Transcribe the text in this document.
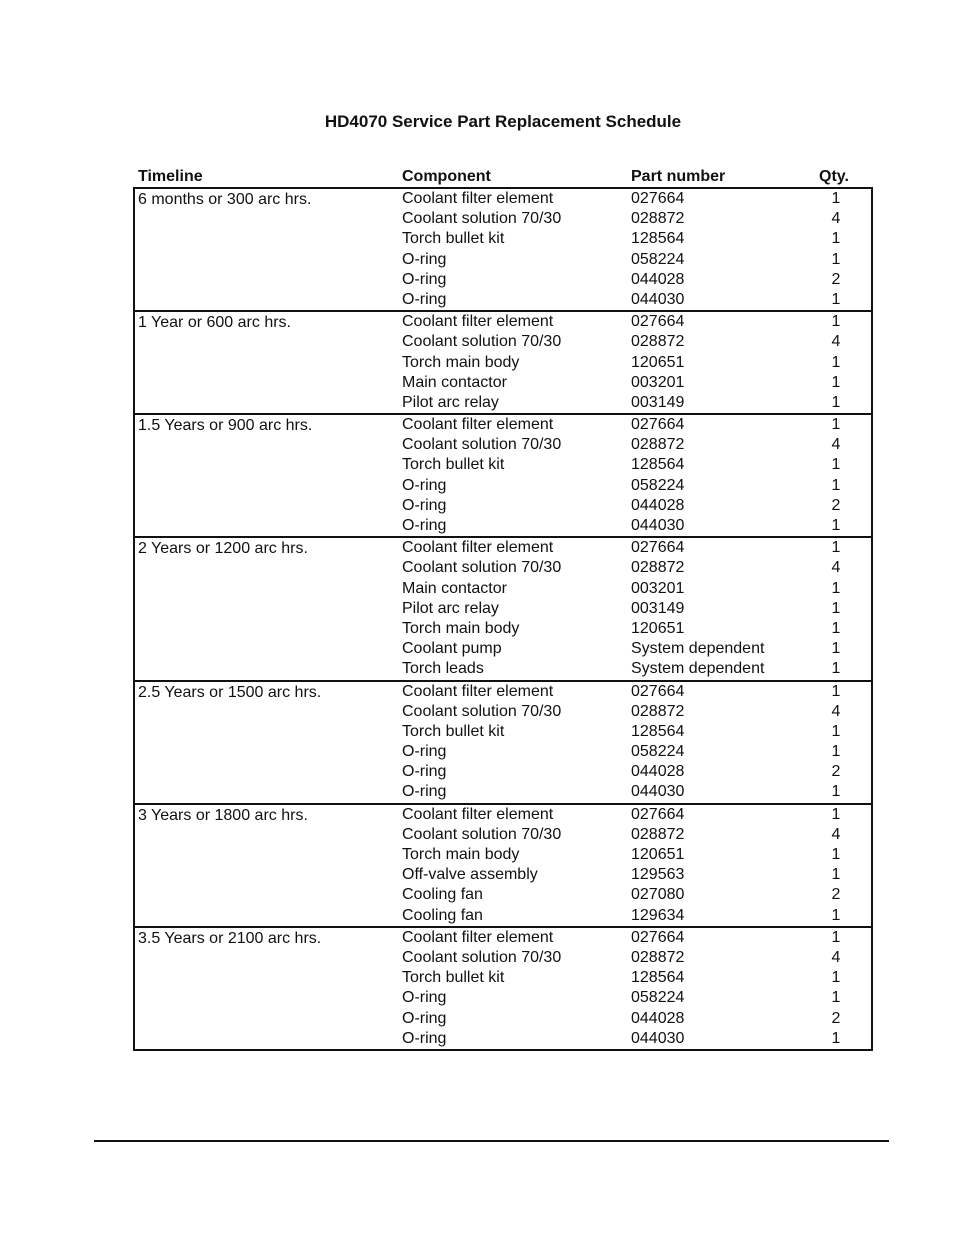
HD4070 Service Part Replacement Schedule
Timeline	Component	Part number	Qty.
6 months or 300 arc hrs.	Coolant filter element	027664	1
Coolant solution 70/30	028872	4
Torch bullet kit	128564	1
O-ring	058224	1
O-ring	044028	2
O-ring	044030	1
1 Year or 600 arc hrs.	Coolant filter element	027664	1
Coolant solution 70/30	028872	4
Torch main body	120651	1
Main contactor	003201	1
Pilot arc relay	003149	1
1.5 Years or 900 arc hrs.	Coolant filter element	027664	1
Coolant solution 70/30	028872	4
Torch bullet kit	128564	1
O-ring	058224	1
O-ring	044028	2
O-ring	044030	1
2 Years or 1200 arc hrs.	Coolant filter element	027664	1
Coolant solution 70/30	028872	4
Main contactor	003201	1
Pilot arc relay	003149	1
Torch main body	120651	1
Coolant pump	System dependent	1
Torch leads	System dependent	1
2.5 Years or 1500 arc hrs.	Coolant filter element	027664	1
Coolant solution 70/30	028872	4
Torch bullet kit	128564	1
O-ring	058224	1
O-ring	044028	2
O-ring	044030	1
3 Years or 1800 arc hrs.	Coolant filter element	027664	1
Coolant solution 70/30	028872	4
Torch main body	120651	1
Off-valve assembly	129563	1
Cooling fan	027080	2
Cooling fan	129634	1
3.5 Years or 2100 arc hrs.	Coolant filter element	027664	1
Coolant solution 70/30	028872	4
Torch bullet kit	128564	1
O-ring	058224	1
O-ring	044028	2
O-ring	044030	1
